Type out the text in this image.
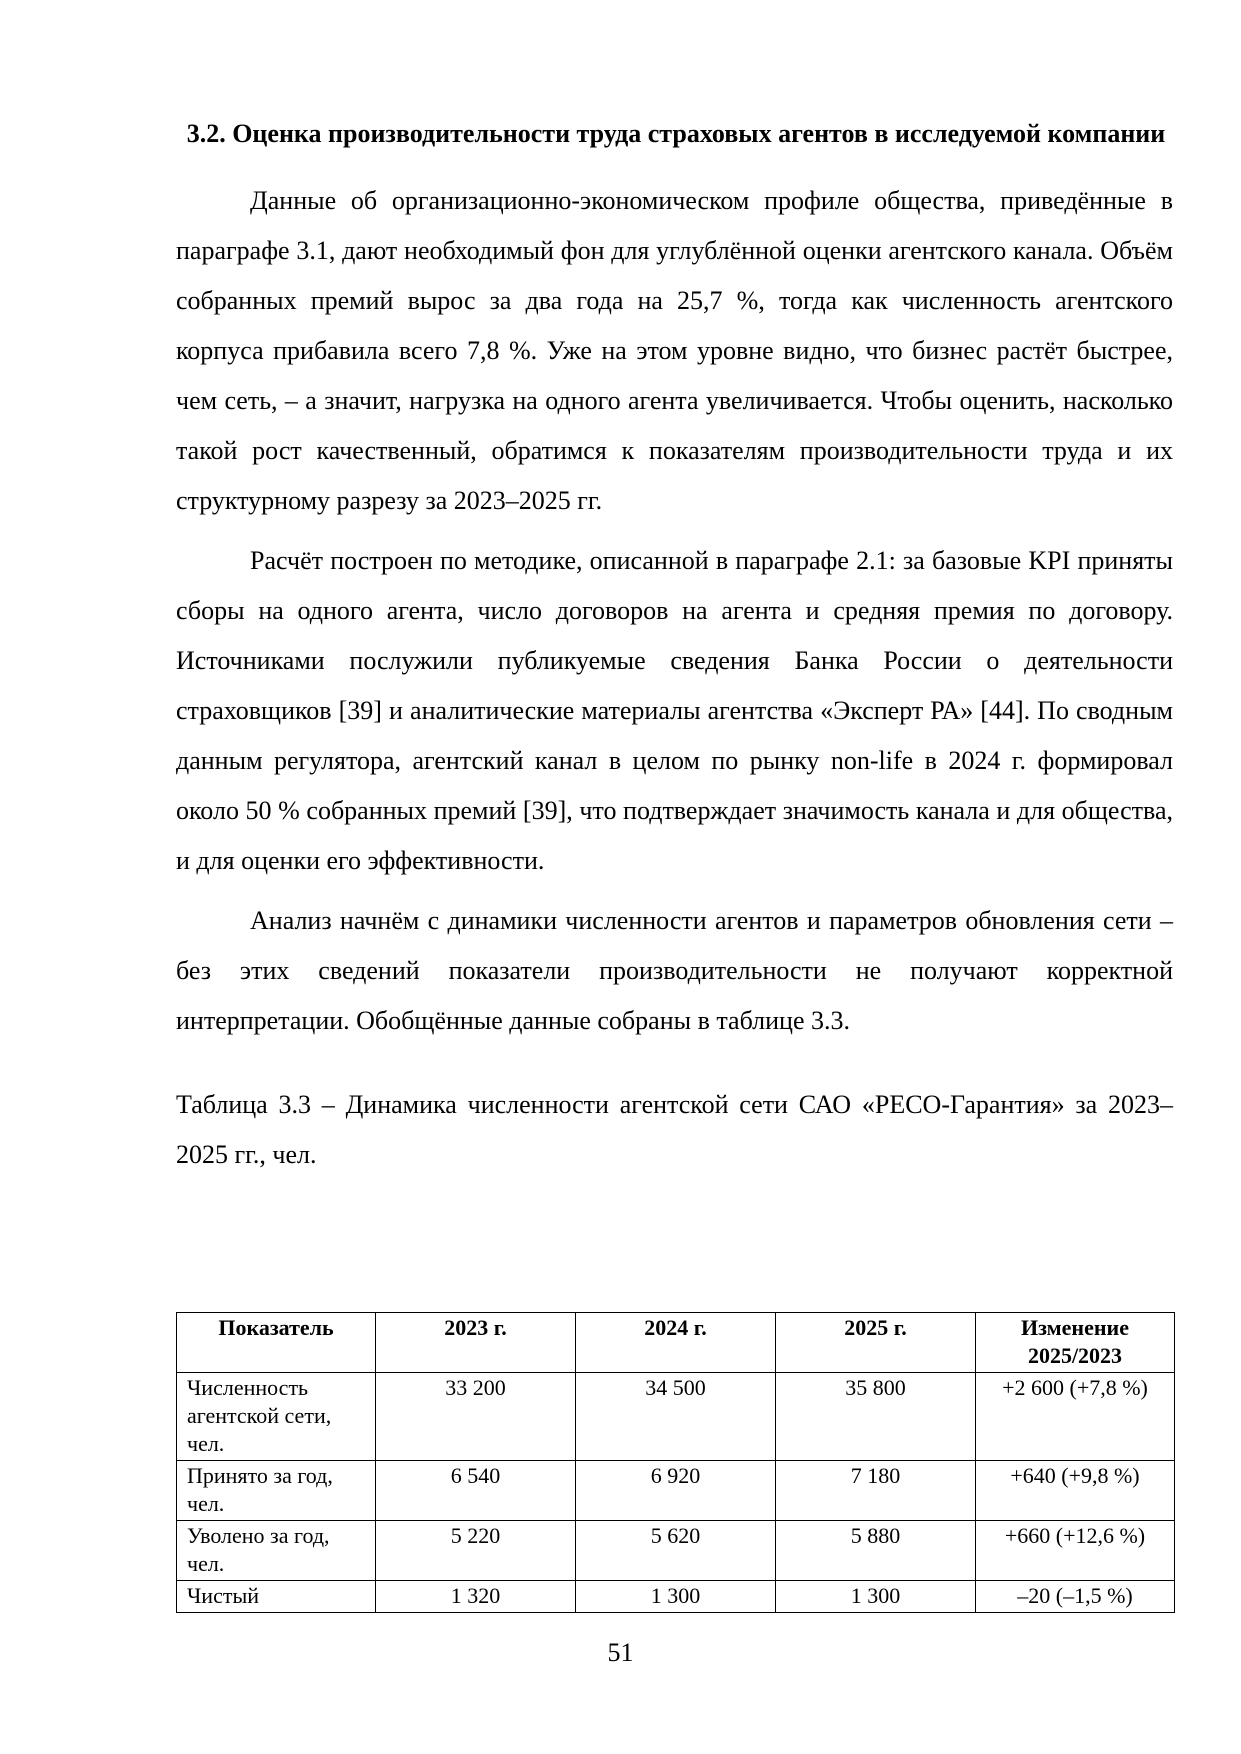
3.2. Оценка производительности труда страховых агентов в исследуемой компании

Данные об организационно-экономическом профиле общества, приведённые в параграфе 3.1, дают необходимый фон для углублённой оценки агентского канала. Объём собранных премий вырос за два года на 25,7 %, тогда как численность агентского корпуса прибавила всего 7,8 %. Уже на этом уровне видно, что бизнес растёт быстрее, чем сеть, – а значит, нагрузка на одного агента увеличивается. Чтобы оценить, насколько такой рост качественный, обратимся к показателям производительности труда и их структурному разрезу за 2023–2025 гг.

Расчёт построен по методике, описанной в параграфе 2.1: за базовые KPI приняты сборы на одного агента, число договоров на агента и средняя премия по договору. Источниками послужили публикуемые сведения Банка России о деятельности страховщиков [39] и аналитические материалы агентства «Эксперт РА» [44]. По сводным данным регулятора, агентский канал в целом по рынку non-life в 2024 г. формировал около 50 % собранных премий [39], что подтверждает значимость канала и для общества, и для оценки его эффективности.

Анализ начнём с динамики численности агентов и параметров обновления сети – без этих сведений показатели производительности не получают корректной интерпретации. Обобщённые данные собраны в таблице 3.3.

Таблица 3.3 – Динамика численности агентской сети САО «РЕСО-Гарантия» за 2023–2025 гг., чел.

Показатель	2023 г.	2024 г.	2025 г.	Изменение 2025/2023
Численность агентской сети, чел.	33 200	34 500	35 800	+2 600 (+7,8 %)
Принято за год, чел.	6 540	6 920	7 180	+640 (+9,8 %)
Уволено за год, чел.	5 220	5 620	5 880	+660 (+12,6 %)
Чистый	1 320	1 300	1 300	–20 (–1,5 %)
51
